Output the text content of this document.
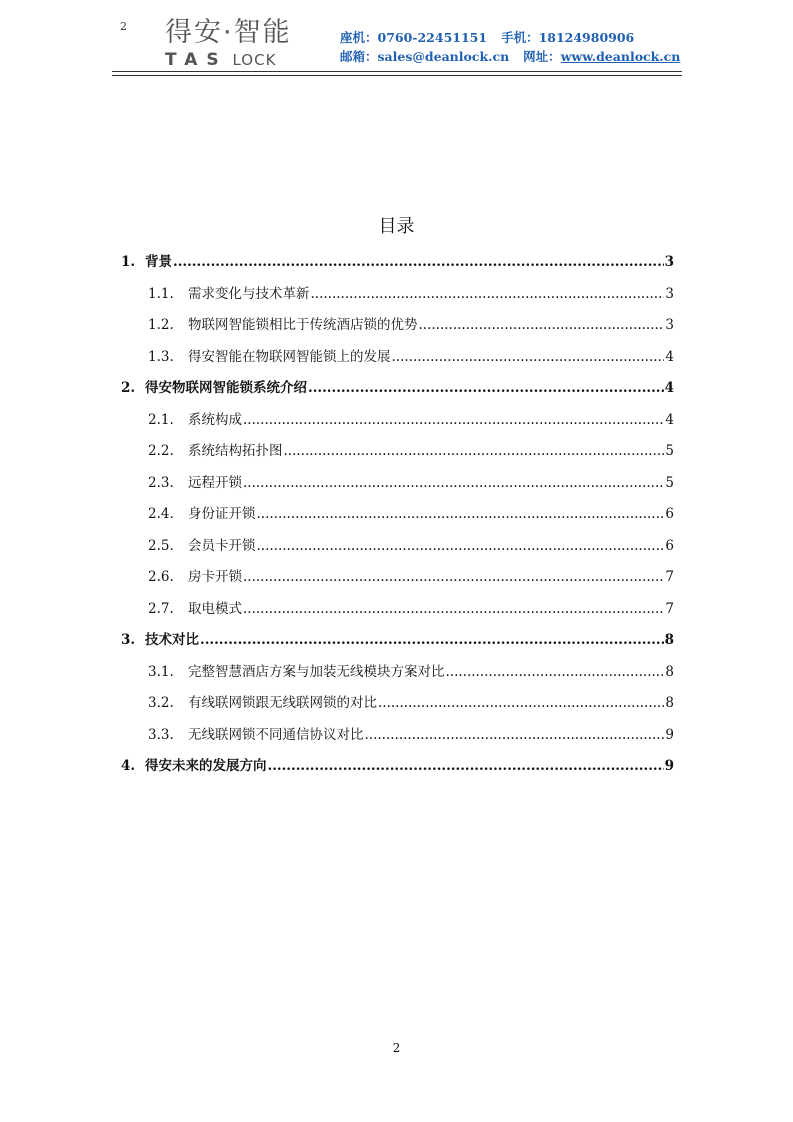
2 得安·智能
TAS LOCK
座机：0760-22451151 手机：18124980906
邮箱：sales@deanlock.cn 网址：www.deanlock.cn
目录
1. 背景 .....	3
1.1.	需求变化与技术革新 .....	3
1.2.	物联网智能锁相比于传统酒店锁的优势 .....	3
1.3.	得安智能在物联网智能锁上的发展 .....	4
2. 得安物联网智能锁系统介绍 .....	4
2.1.	系统构成 .....	4
2.2.	系统结构拓扑图 .....	5
2.3.	远程开锁 .....	5
2.4.	身份证开锁 .....	6
2.5.	会员卡开锁 .....	6
2.6.	房卡开锁 .....	7
2.7.	取电模式 .....	7
3. 技术对比 .....	8
3.1.	完整智慧酒店方案与加装无线模块方案对比 .....	8
3.2.	有线联网锁跟无线联网锁的对比 .....	8
3.3.	无线联网锁不同通信协议对比 .....	9
4. 得安未来的发展方向 .....	9
2
